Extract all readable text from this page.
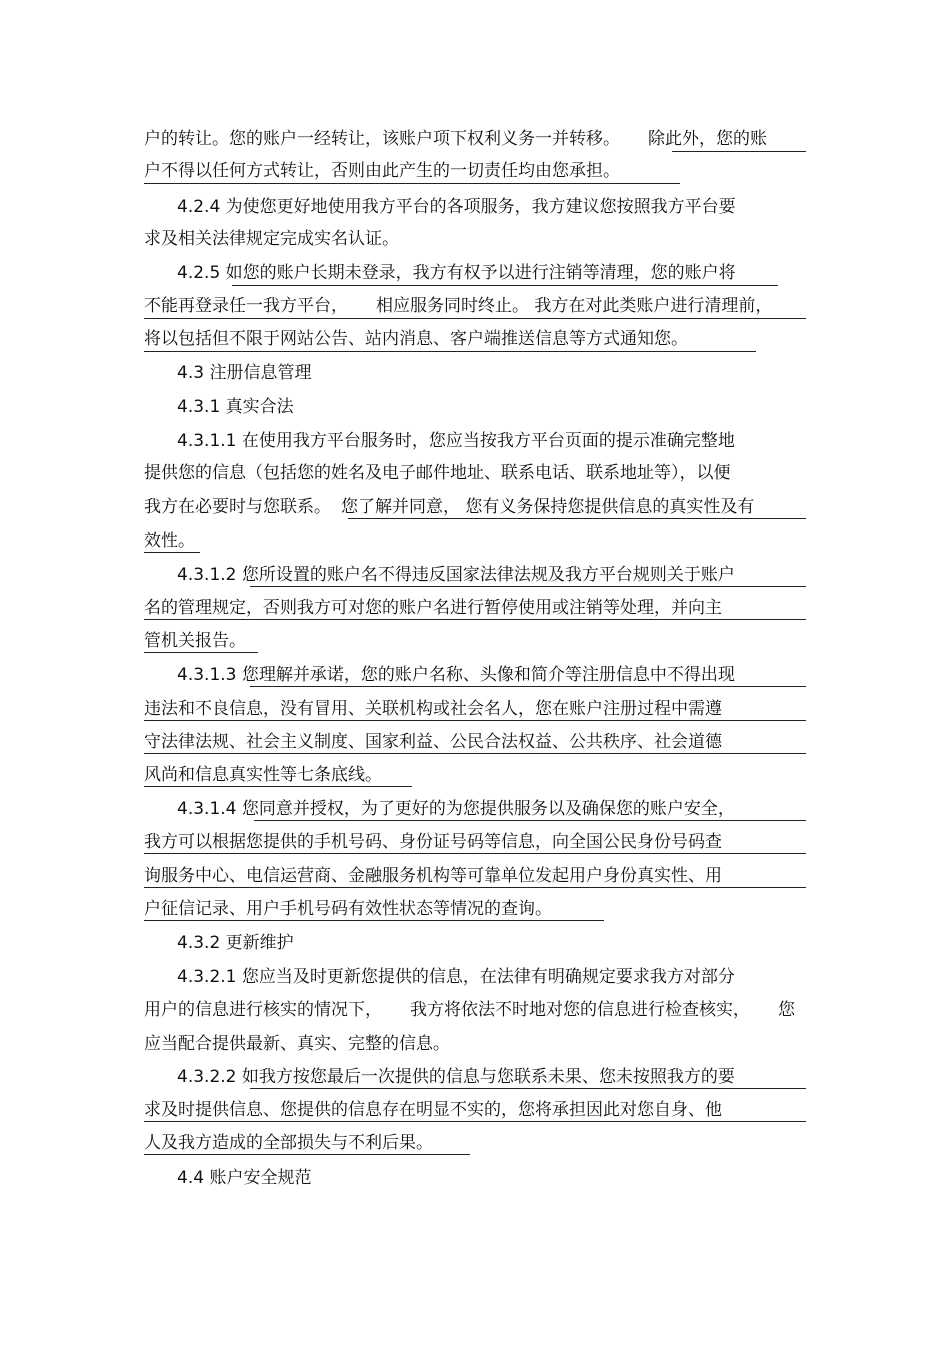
户的转让。您的账户一经转让，该账户项下权利义务一并转移。 除此外，您的账
户不得以任何方式转让，否则由此产生的一切责任均由您承担。
4.2.4 为使您更好地使用我方平台的各项服务，我方建议您按照我方平台要
求及相关法律规定完成实名认证。
4.2.5 如您的账户长期未登录，我方有权予以进行注销等清理，您的账户将
不能再登录任一我方平台， 相应服务同时终止。 我方在对此类账户进行清理前，
将以包括但不限于网站公告、站内消息、客户端推送信息等方式通知您。
4.3 注册信息管理
4.3.1 真实合法
4.3.1.1 在使用我方平台服务时，您应当按我方平台页面的提示准确完整地
提供您的信息（包括您的姓名及电子邮件地址、联系电话、联系地址等），以便
我方在必要时与您联系。 您了解并同意， 您有义务保持您提供信息的真实性及有
效性。
4.3.1.2 您所设置的账户名不得违反国家法律法规及我方平台规则关于账户
名的管理规定，否则我方可对您的账户名进行暂停使用或注销等处理，并向主
管机关报告。
4.3.1.3 您理解并承诺，您的账户名称、头像和简介等注册信息中不得出现
违法和不良信息，没有冒用、关联机构或社会名人，您在账户注册过程中需遵
守法律法规、社会主义制度、国家利益、公民合法权益、公共秩序、社会道德
风尚和信息真实性等七条底线。
4.3.1.4 您同意并授权，为了更好的为您提供服务以及确保您的账户安全，
我方可以根据您提供的手机号码、身份证号码等信息，向全国公民身份号码查
询服务中心、电信运营商、金融服务机构等可靠单位发起用户身份真实性、用
户征信记录、用户手机号码有效性状态等情况的查询。
4.3.2 更新维护
4.3.2.1 您应当及时更新您提供的信息，在法律有明确规定要求我方对部分
用户的信息进行核实的情况下， 我方将依法不时地对您的信息进行检查核实， 您
应当配合提供最新、真实、完整的信息。
4.3.2.2 如我方按您最后一次提供的信息与您联系未果、您未按照我方的要
求及时提供信息、您提供的信息存在明显不实的，您将承担因此对您自身、他
人及我方造成的全部损失与不利后果。
4.4 账户安全规范
